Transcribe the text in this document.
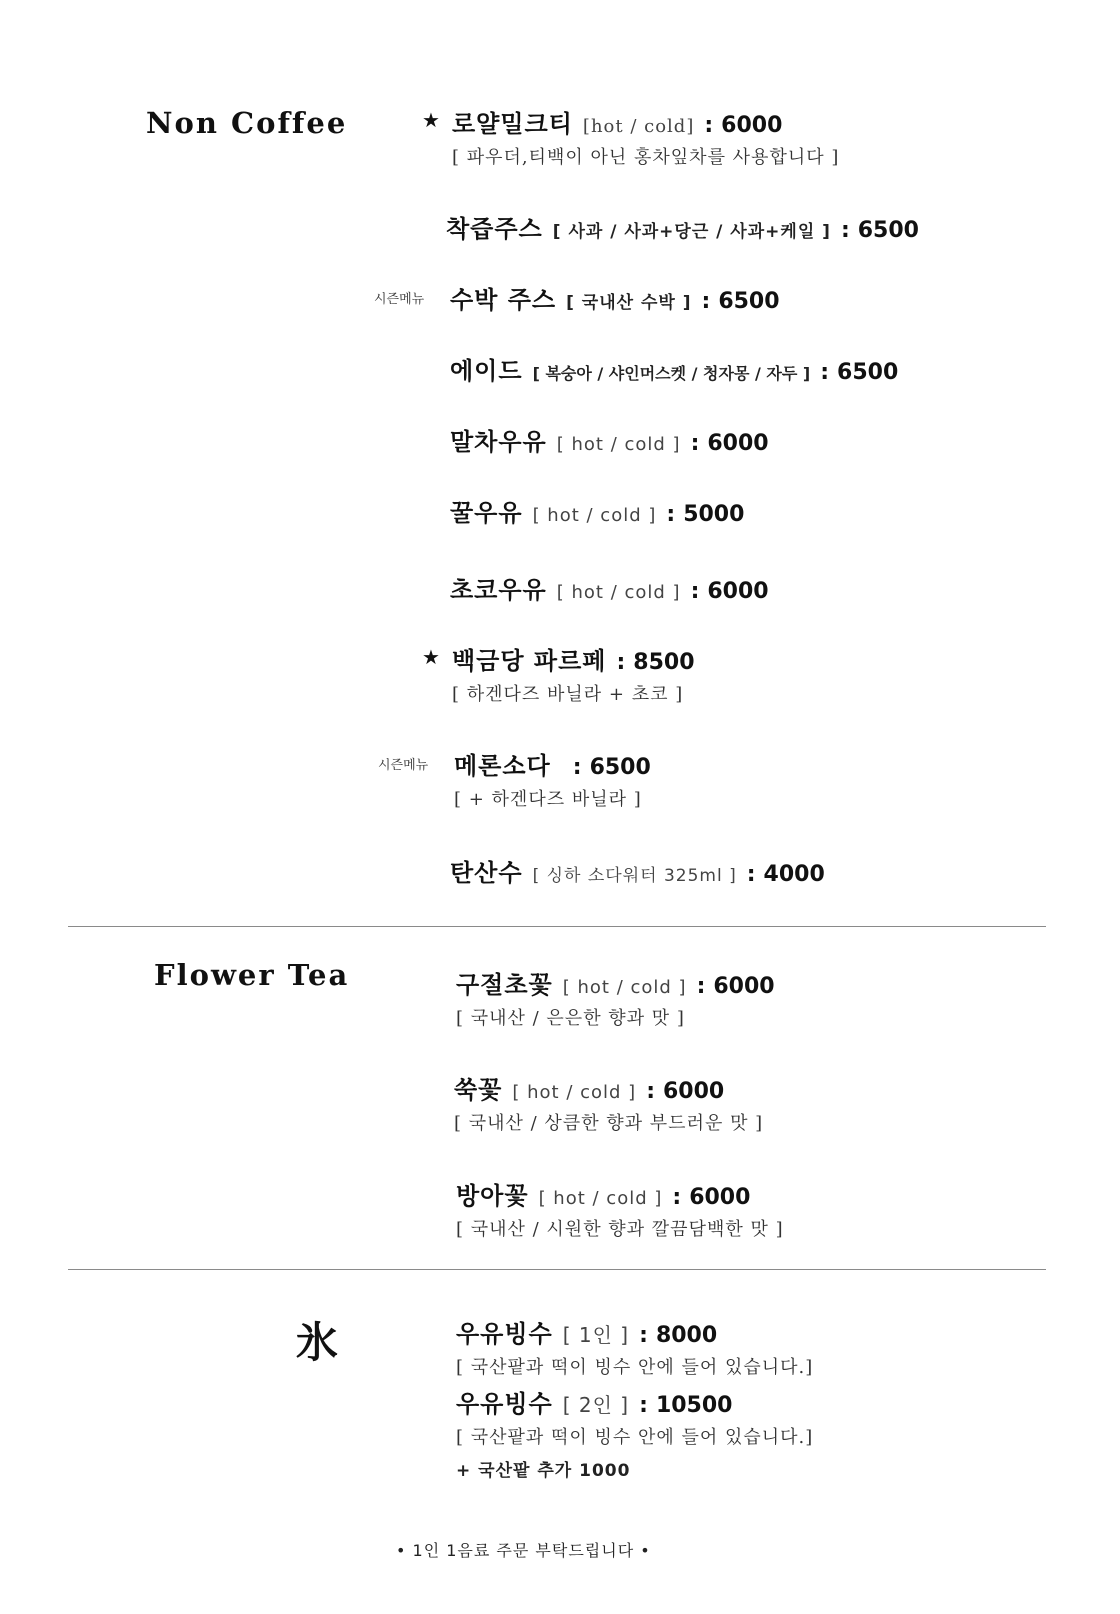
Non Coffee	★ 로얄밀크티 [hot / cold] : 6000
[ 파우더,티백이 아닌 홍차잎차를 사용합니다 ]
착즙주스 [ 사과 / 사과+당근 / 사과+케일 ] : 6500
시즌메뉴 수박 주스 [ 국내산 수박 ] : 6500
에이드 [ 복숭아 / 샤인머스켓 / 청자몽 / 자두 ] : 6500
말차우유 [ hot / cold ] : 6000
꿀우유 [ hot / cold ] : 5000
초코우유 [ hot / cold ] : 6000
★ 백금당 파르페 : 8500
[ 하겐다즈 바닐라 + 초코 ]
시즌메뉴 메론소다 : 6500
[ + 하겐다즈 바닐라 ]
탄산수 [ 싱하 소다워터 325ml ] : 4000
Flower Tea	구절초꽃 [ hot / cold ] : 6000
[ 국내산 / 은은한 향과 맛 ]
쑥꽃 [ hot / cold ] : 6000
[ 국내산 / 상큼한 향과 부드러운 맛 ]
방아꽃 [ hot / cold ] : 6000
[ 국내산 / 시원한 향과 깔끔담백한 맛 ]
氷	우유빙수 [ 1인 ] : 8000
[ 국산팥과 떡이 빙수 안에 들어 있습니다.]
우유빙수 [ 2인 ] : 10500
[ 국산팥과 떡이 빙수 안에 들어 있습니다.]
+ 국산팥 추가 1000
• 1인 1음료 주문 부탁드립니다 •
